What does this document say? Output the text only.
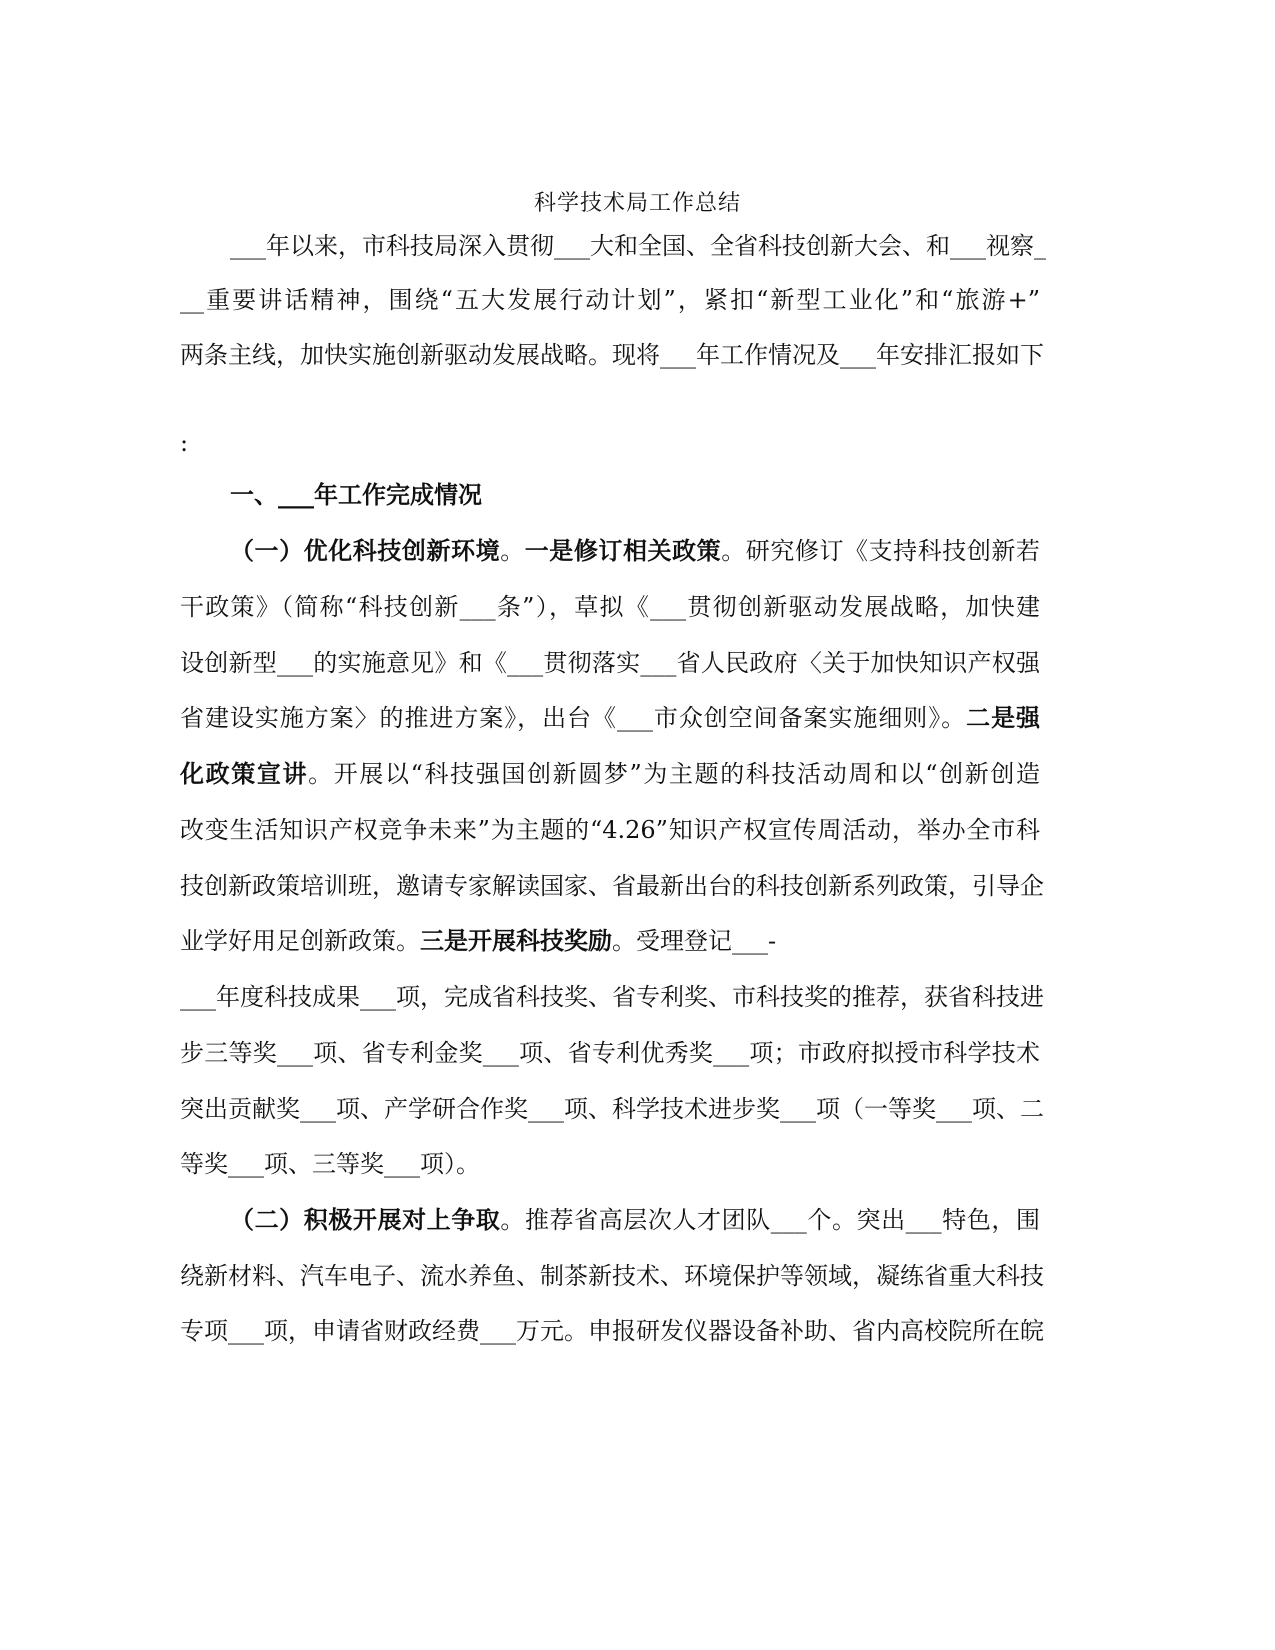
科学技术局工作总结
___年以来，市科技局深入贯彻___大和全国、全省科技创新大会、和___视察_
__重要讲话精神，围绕“五大发展行动计划”，紧扣“新型工业化”和“旅游+”
两条主线，加快实施创新驱动发展战略。现将___年工作情况及___年安排汇报如下
:
一、___年工作完成情况
（一）优化科技创新环境。一是修订相关政策。研究修订《支持科技创新若
干政策》（简称“科技创新___条”），草拟《___贯彻创新驱动发展战略，加快建
设创新型___的实施意见》和《___贯彻落实___省人民政府〈关于加快知识产权强
省建设实施方案〉的推进方案》，出台《___市众创空间备案实施细则》。二是强
化政策宣讲。开展以“科技强国创新圆梦”为主题的科技活动周和以“创新创造
改变生活知识产权竞争未来”为主题的“4.26”知识产权宣传周活动，举办全市科
技创新政策培训班，邀请专家解读国家、省最新出台的科技创新系列政策，引导企
业学好用足创新政策。三是开展科技奖励。受理登记___-
___年度科技成果___项，完成省科技奖、省专利奖、市科技奖的推荐，获省科技进
步三等奖___项、省专利金奖___项、省专利优秀奖___项；市政府拟授市科学技术
突出贡献奖___项、产学研合作奖___项、科学技术进步奖___项（一等奖___项、二
等奖___项、三等奖___项）。
（二）积极开展对上争取。推荐省高层次人才团队___个。突出___特色，围
绕新材料、汽车电子、流水养鱼、制茶新技术、环境保护等领域，凝练省重大科技
专项___项，申请省财政经费___万元。申报研发仪器设备补助、省内高校院所在皖
